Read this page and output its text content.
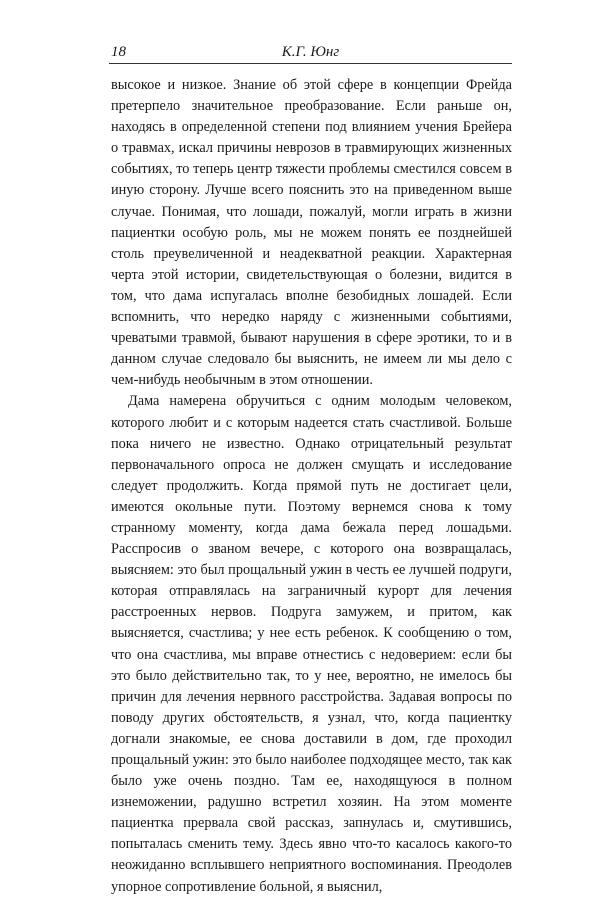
18	К.Г. Юнг

высокое и низкое. Знание об этой сфере в концепции Фрейда претерпело значительное преобразование. Если раньше он, находясь в определенной степени под влиянием учения Брейера о травмах, искал причины неврозов в травмирующих жизненных событиях, то теперь центр тяжести проблемы сместился совсем в иную сторону. Лучше всего пояснить это на приведенном выше случае. Понимая, что лошади, пожалуй, могли играть в жизни пациентки особую роль, мы не можем понять ее позднейшей столь преувеличенной и неадекватной реакции. Характерная черта этой истории, свидетельствующая о болезни, видится в том, что дама испугалась вполне безобидных лошадей. Если вспомнить, что нередко наряду с жизненными событиями, чреватыми травмой, бывают нарушения в сфере эротики, то и в данном случае следовало бы выяснить, не имеем ли мы дело с чем-нибудь необычным в этом отношении.

Дама намерена обручиться с одним молодым человеком, которого любит и с которым надеется стать счастливой. Больше пока ничего не известно. Однако отрицательный результат первоначального опроса не должен смущать и исследование следует продолжить. Когда прямой путь не достигает цели, имеются окольные пути. Поэтому вернемся снова к тому странному моменту, когда дама бежала перед лошадьми. Расспросив о званом вечере, с которого она возвращалась, выясняем: это был прощальный ужин в честь ее лучшей подруги, которая отправлялась на заграничный курорт для лечения расстроенных нервов. Подруга замужем, и притом, как выясняется, счастлива; у нее есть ребенок. К сообщению о том, что она счастлива, мы вправе отнестись с недоверием: если бы это было действительно так, то у нее, вероятно, не имелось бы причин для лечения нервного расстройства. Задавая вопросы по поводу других обстоятельств, я узнал, что, когда пациентку догнали знакомые, ее снова доставили в дом, где проходил прощальный ужин: это было наиболее подходящее место, так как было уже очень поздно. Там ее, находящуюся в полном изнеможении, радушно встретил хозяин. На этом моменте пациентка прервала свой рассказ, запнулась и, смутившись, попыталась сменить тему. Здесь явно что-то касалось какого-то неожиданно всплывшего неприятного воспоминания. Преодолев упорное сопротивление больной, я выяснил,
